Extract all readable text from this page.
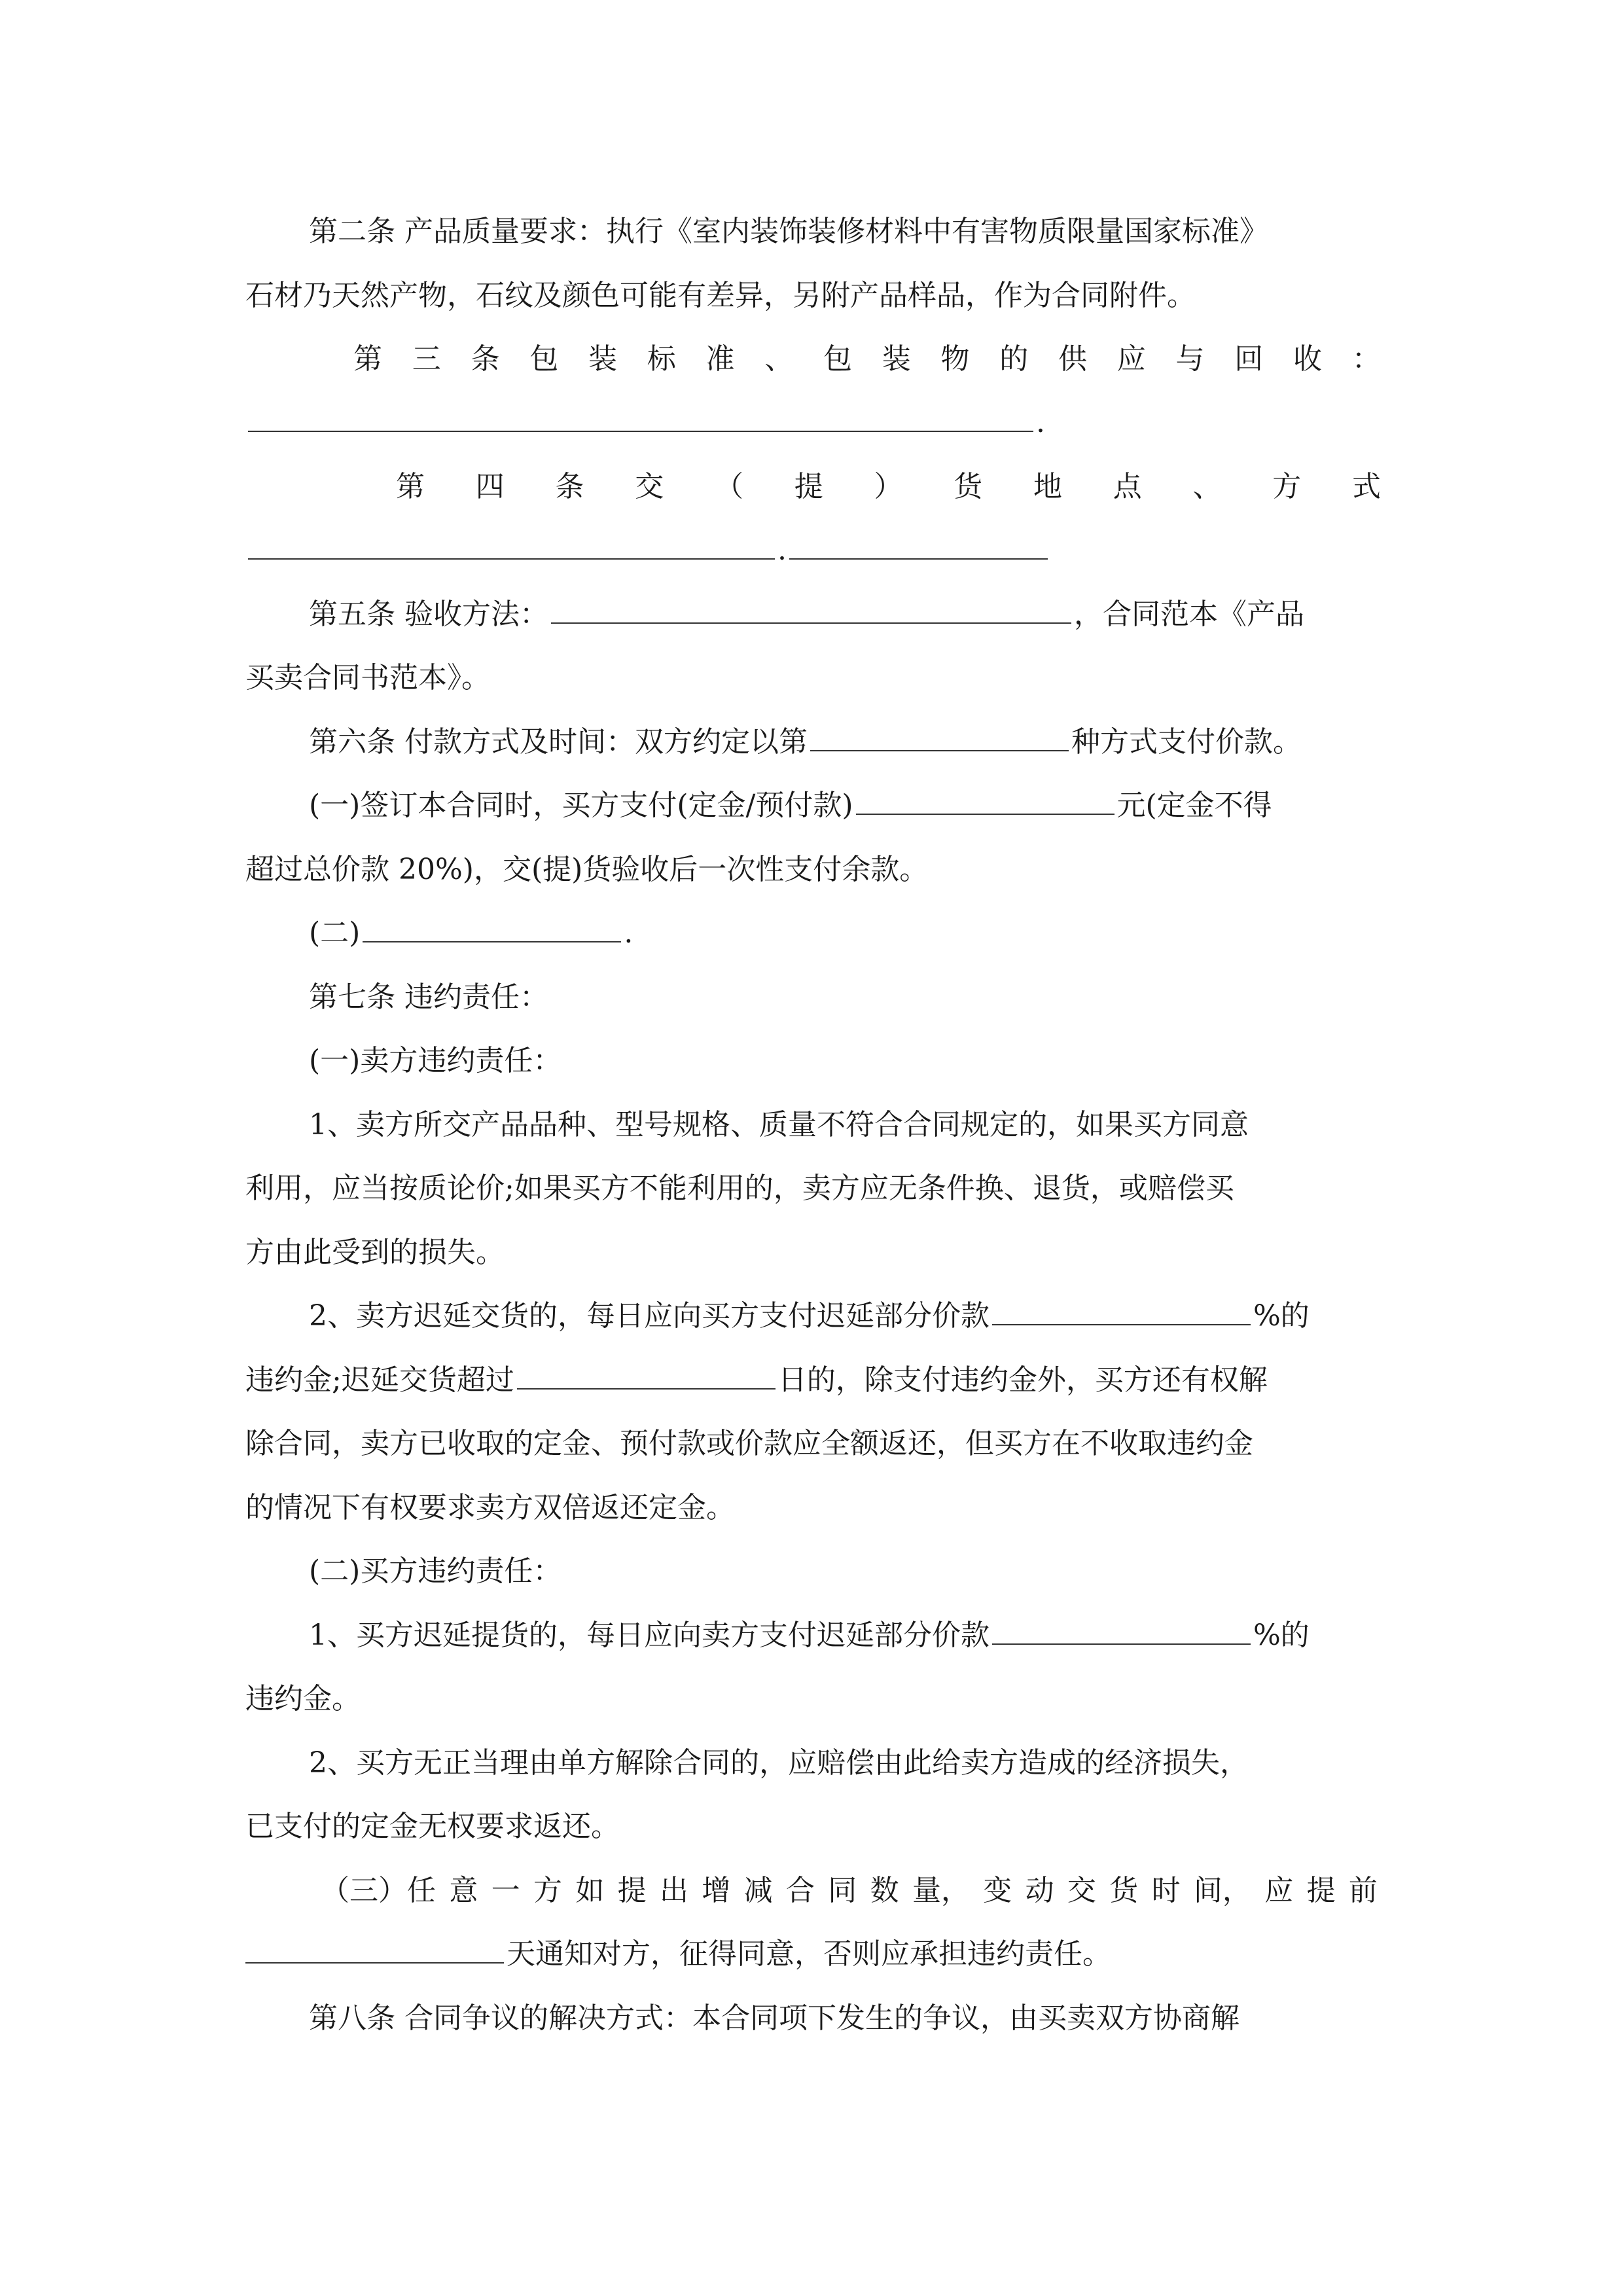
第二条 产品质量要求：执行《室内装饰装修材料中有害物质限量国家标准》
石材乃天然产物，石纹及颜色可能有差异，另附产品样品，作为合同附件。
第 三 条 包 装 标 准 、 包 装 物 的 供 应 与 回 收 ：
.
第 四 条 交 （ 提 ） 货 地 点 、 方 式
.
第五条 验收方法：	，合同范本《产品
买卖合同书范本》。
第六条 付款方式及时间：双方约定以第	种方式支付价款。
(一)签订本合同时，买方支付(定金/预付款)	元(定金不得
超过总价款 20%)，交(提)货验收后一次性支付余款。
(二)	.
第七条 违约责任：
(一)卖方违约责任：
1、卖方所交产品品种、型号规格、质量不符合合同规定的，如果买方同意
利用，应当按质论价;如果买方不能利用的，卖方应无条件换、退货，或赔偿买
方由此受到的损失。
2、卖方迟延交货的，每日应向买方支付迟延部分价款	%的
违约金;迟延交货超过	日的，除支付违约金外，买方还有权解
除合同，卖方已收取的定金、预付款或价款应全额返还，但买方在不收取违约金
的情况下有权要求卖方双倍返还定金。
(二)买方违约责任：
1、买方迟延提货的，每日应向卖方支付迟延部分价款	%的
违约金。
2、买方无正当理由单方解除合同的，应赔偿由此给卖方造成的经济损失，
已支付的定金无权要求返还。
（三）任 意 一 方 如 提 出 增 减 合 同 数 量， 变 动 交 货 时 间， 应 提 前
天通知对方，征得同意，否则应承担违约责任。
第八条 合同争议的解决方式：本合同项下发生的争议，由买卖双方协商解
